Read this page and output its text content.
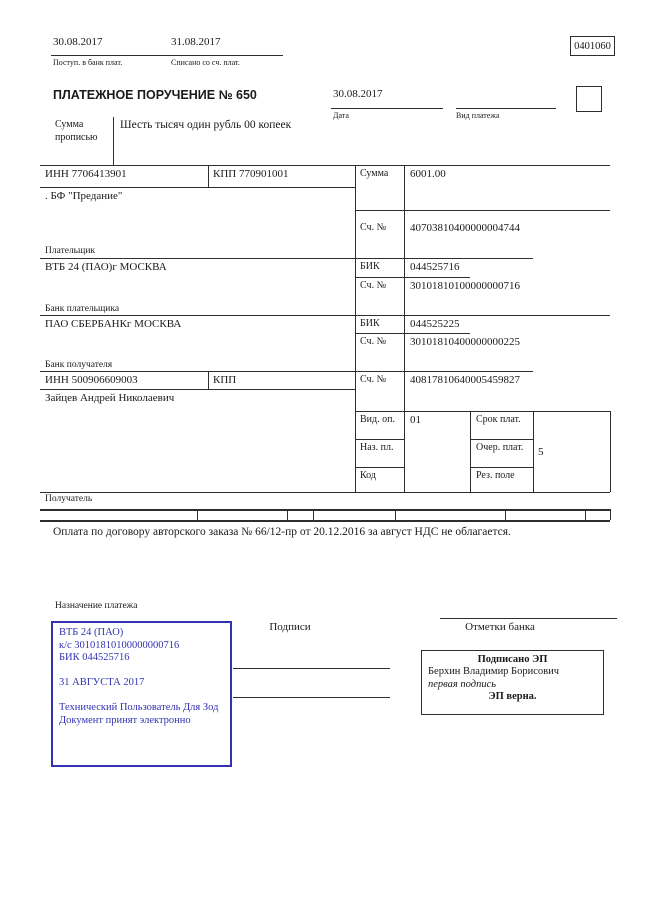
30.08.2017
Поступ. в банк плат.
31.08.2017
Списано со сч. плат.
0401060
ПЛАТЕЖНОЕ ПОРУЧЕНИЕ № 650	30.08.2017
Дата	Вид платежа
Сумма
прописью
Шесть тысяч один рубль 00 копеек
ИНН 7706413901	КПП 770901001	Сумма 6001.00
. БФ "Предание"
Плательщик
Сч. № 40703810400000004744
ВТБ 24 (ПАО)г МОСКВА
Банк плательщика
БИК	044525716
Сч. № 30101810100000000716
ПАО СБЕРБАНКг МОСКВА
Банк получателя
БИК	044525225
Сч. № 30101810400000000225
ИНН 500906609003	КПП	Сч. № 40817810640005459827
Зайцев Андрей Николаевич
Получатель
Вид. оп. 01	Срок плат.
Наз. пл.	Очер. плат.	5
Код	Рез. поле
Оплата по договору авторского заказа № 66/12-пр от 20.12.2016 за август НДС не облагается.
Назначение платежа
ВТБ 24 (ПАО)
к/с 30101810100000000716
БИК 044525716
31 АВГУСТА 2017
Технический Пользователь Для Зод
Документ принят электронно
Подписи	Отметки банка
Подписано ЭП
Берхин Владимир Борисович
первая подпись
ЭП верна.
